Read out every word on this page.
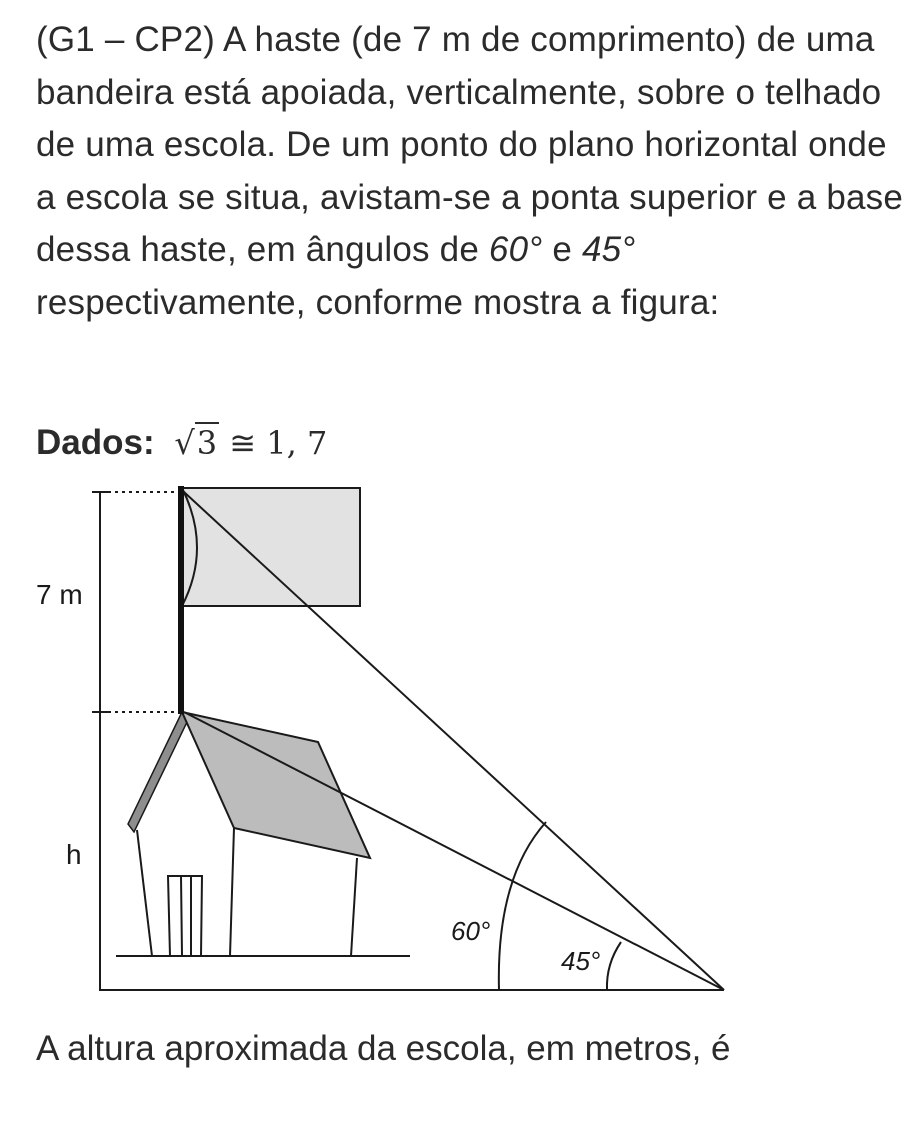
(G1 – CP2) A haste (de 7 m de comprimento) de uma bandeira está apoiada, verticalmente, sobre o telhado de uma escola. De um ponto do plano horizontal onde a escola se situa, avistam-se a ponta superior e a base dessa haste, em ângulos de 60° e 45° respectivamente, conforme mostra a figura:

Dados: √3 ≅ 1, 7
7 m
h
60°
45°
A altura aproximada da escola, em metros, é
